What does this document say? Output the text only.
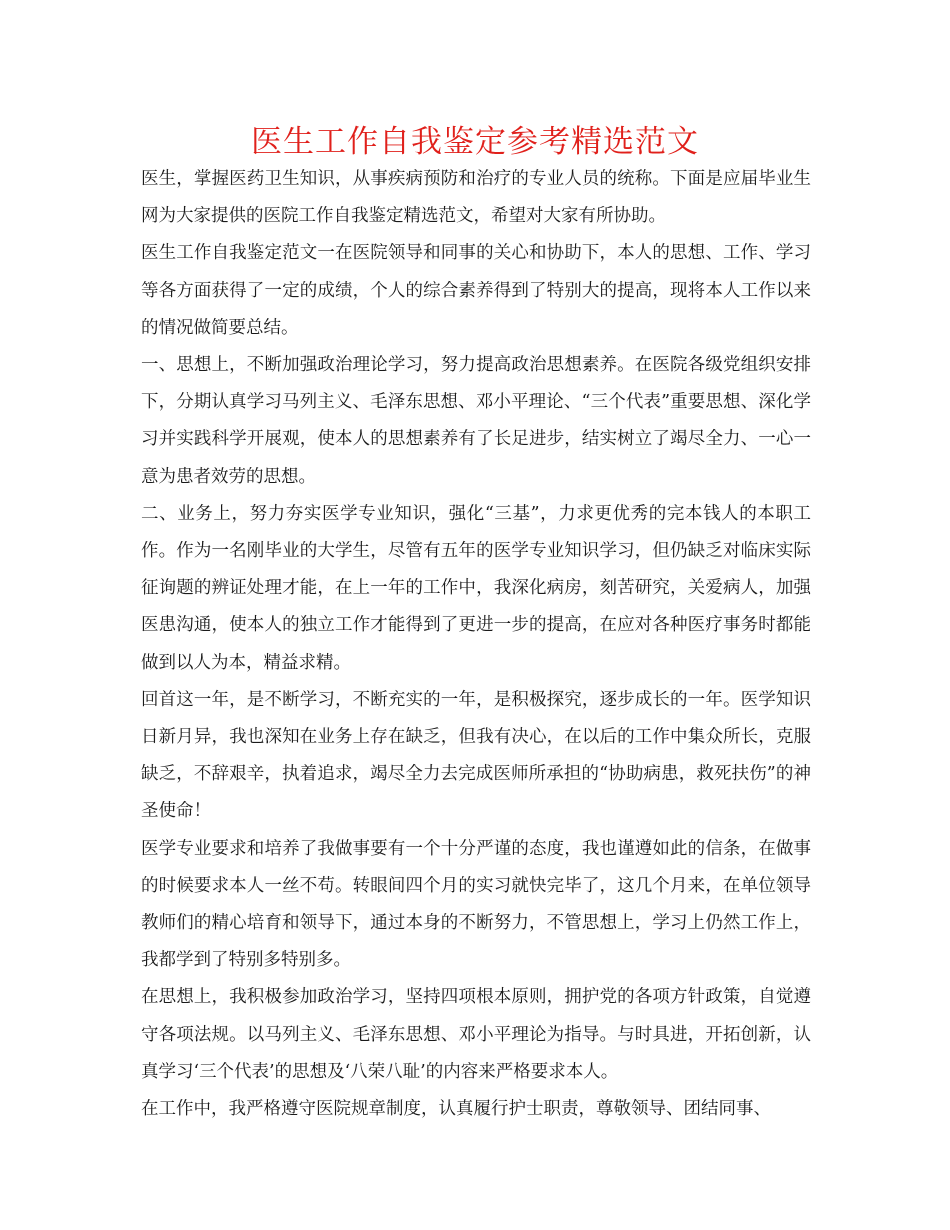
医生工作自我鉴定参考精选范文

医生，掌握医药卫生知识，从事疾病预防和治疗的专业人员的统称。下面是应届毕业生网为大家提供的医院工作自我鉴定精选范文，希望对大家有所协助。

医生工作自我鉴定范文一在医院领导和同事的关心和协助下，本人的思想、工作、学习等各方面获得了一定的成绩，个人的综合素养得到了特别大的提高，现将本人工作以来的情况做简要总结。

一、思想上，不断加强政治理论学习，努力提高政治思想素养。在医院各级党组织安排下，分期认真学习马列主义、毛泽东思想、邓小平理论、“三个代表”重要思想、深化学习并实践科学开展观，使本人的思想素养有了长足进步，结实树立了竭尽全力、一心一意为患者效劳的思想。

二、业务上，努力夯实医学专业知识，强化“三基”，力求更优秀的完本钱人的本职工作。作为一名刚毕业的大学生，尽管有五年的医学专业知识学习，但仍缺乏对临床实际征询题的辨证处理才能，在上一年的工作中，我深化病房，刻苦研究，关爱病人，加强医患沟通，使本人的独立工作才能得到了更进一步的提高，在应对各种医疗事务时都能做到以人为本，精益求精。

回首这一年，是不断学习，不断充实的一年，是积极探究，逐步成长的一年。医学知识日新月异，我也深知在业务上存在缺乏，但我有决心，在以后的工作中集众所长，克服缺乏，不辞艰辛，执着追求，竭尽全力去完成医师所承担的“协助病患，救死扶伤”的神圣使命！

医学专业要求和培养了我做事要有一个十分严谨的态度，我也谨遵如此的信条，在做事的时候要求本人一丝不苟。转眼间四个月的实习就快完毕了，这几个月来，在单位领导教师们的精心培育和领导下，通过本身的不断努力，不管思想上，学习上仍然工作上，我都学到了特别多特别多。

在思想上，我积极参加政治学习，坚持四项根本原则，拥护党的各项方针政策，自觉遵守各项法规。以马列主义、毛泽东思想、邓小平理论为指导。与时具进，开拓创新，认真学习‘三个代表’的思想及‘八荣八耻’的内容来严格要求本人。

在工作中，我严格遵守医院规章制度，认真履行护士职责，尊敬领导、团结同事、
